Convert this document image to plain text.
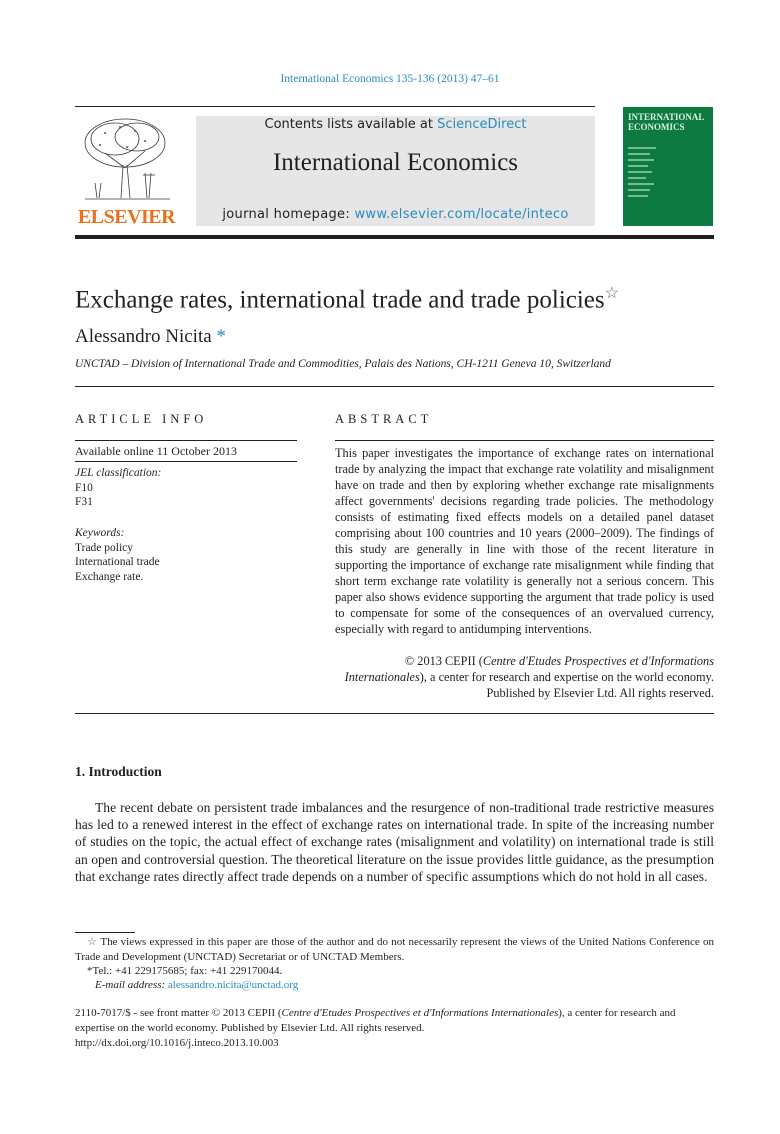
International Economics 135-136 (2013) 47–61
ELSEVIER
Contents lists available at ScienceDirect
International Economics
journal homepage: www.elsevier.com/locate/inteco
INTERNATIONAL
ECONOMICS
Exchange rates, international trade and trade policies☆
Alessandro Nicita *
UNCTAD – Division of International Trade and Commodities, Palais des Nations, CH-1211 Geneva 10, Switzerland
ARTICLE INFO
Available online 11 October 2013
JEL classification:
F10
F31
Keywords:
Trade policy
International trade
Exchange rate.
ABSTRACT
This paper investigates the importance of exchange rates on international trade by analyzing the impact that exchange rate volatility and misalignment have on trade and then by exploring whether exchange rate misalignments affect governments' decisions regarding trade policies. The methodology consists of estimating fixed effects models on a detailed panel dataset comprising about 100 countries and 10 years (2000–2009). The findings of this study are generally in line with those of the recent literature in supporting the importance of exchange rate misalignment while finding that short term exchange rate volatility is generally not a serious concern. This paper also shows evidence supporting the argument that trade policy is used to compensate for some of the consequences of an overvalued currency, especially with regard to antidumping interventions.
© 2013 CEPII (Centre d'Etudes Prospectives et d'Informations Internationales), a center for research and expertise on the world economy. Published by Elsevier Ltd. All rights reserved.
1. Introduction
The recent debate on persistent trade imbalances and the resurgence of non-traditional trade restrictive measures has led to a renewed interest in the effect of exchange rates on international trade. In spite of the increasing number of studies on the topic, the actual effect of exchange rates (misalignment and volatility) on international trade is still an open and controversial question. The theoretical literature on the issue provides little guidance, as the presumption that exchange rates directly affect trade depends on a number of specific assumptions which do not hold in all cases.
☆ The views expressed in this paper are those of the author and do not necessarily represent the views of the United Nations Conference on Trade and Development (UNCTAD) Secretariat or of UNCTAD Members.
*Tel.: +41 229175685; fax: +41 229170044.
E-mail address: alessandro.nicita@unctad.org
2110-7017/$ - see front matter © 2013 CEPII (Centre d'Etudes Prospectives et d'Informations Internationales), a center for research and expertise on the world economy. Published by Elsevier Ltd. All rights reserved.
http://dx.doi.org/10.1016/j.inteco.2013.10.003
